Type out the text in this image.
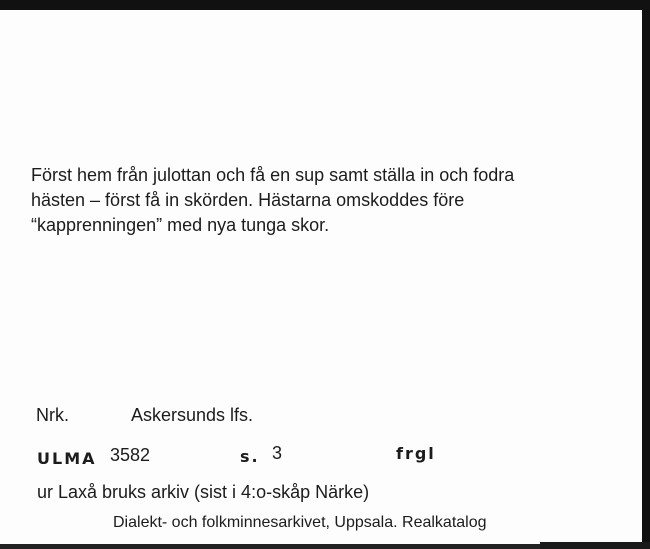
Först hem från julottan och få en sup samt ställa in och fodra
hästen – först få in skörden. Hästarna omskoddes före
“kapprenningen” med nya tunga skor.
Nrk.	Askersunds lfs.
ULMA 3582	s. 3	frgl
ur Laxå bruks arkiv (sist i 4:o-skåp Närke)
Dialekt- och folkminnesarkivet, Uppsala. Realkatalog
